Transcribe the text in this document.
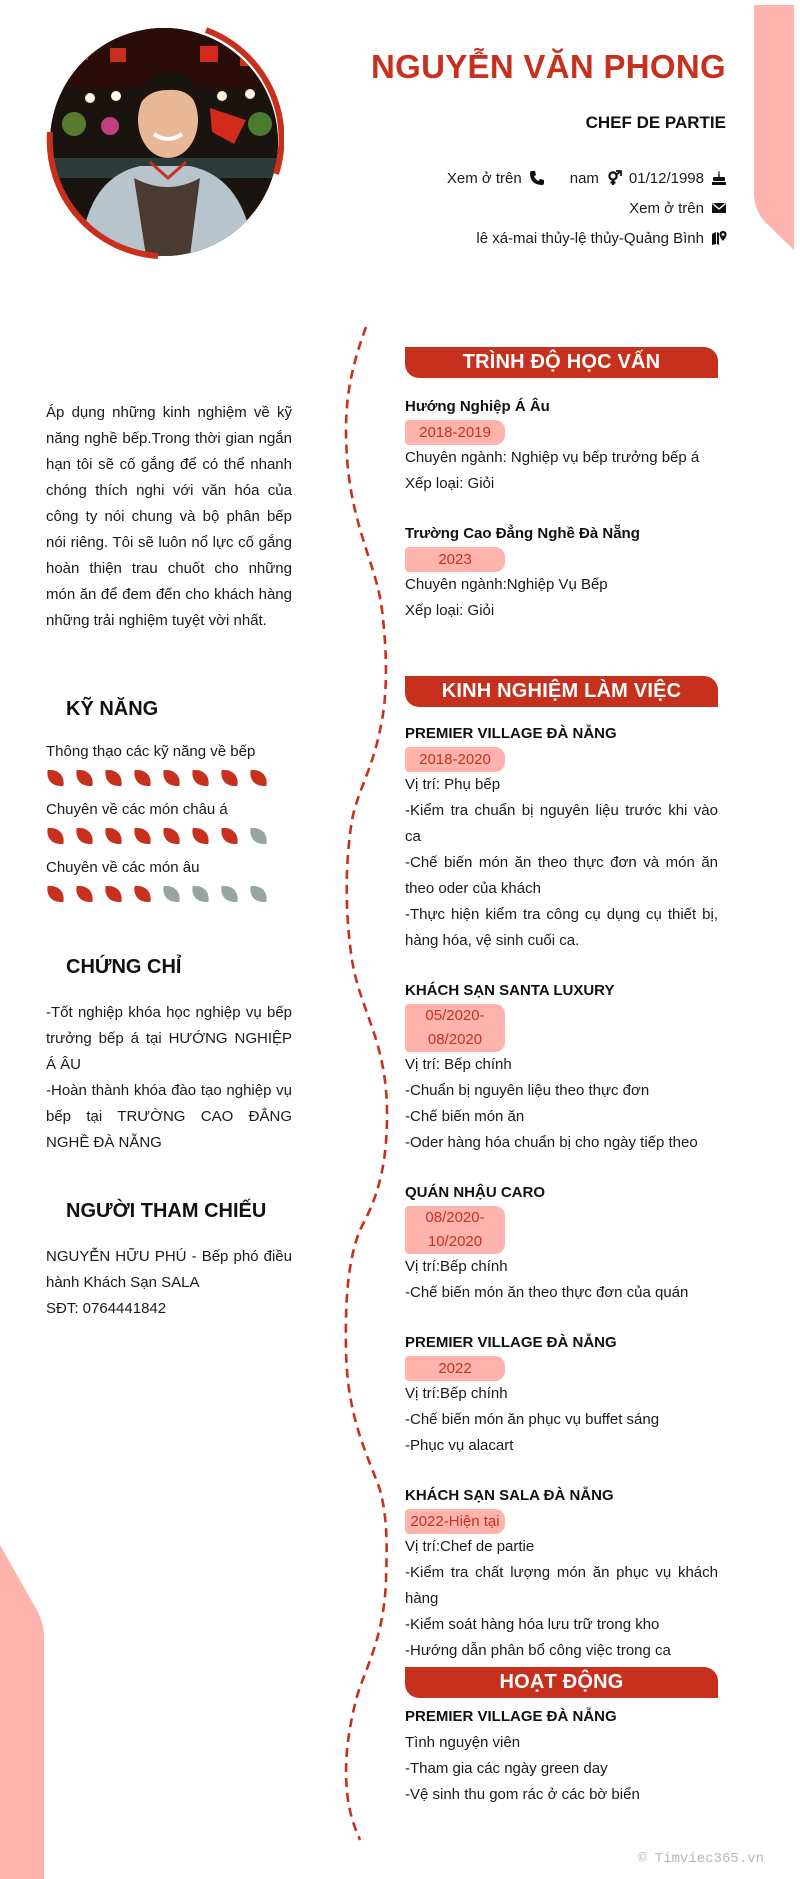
NGUYỄN VĂN PHONG
CHEF DE PARTIE
Xem ở trên	nam 01/12/1998
Xem ở trên
lê xá-mai thủy-lệ thủy-Quảng Bình
Áp dụng những kinh nghiệm về kỹ năng nghề bếp.Trong thời gian ngắn hạn tôi sẽ cố gắng để có thể nhanh chóng thích nghi với văn hóa của công ty nói chung và bộ phân bếp nói riêng. Tôi sẽ luôn nổ lực cố gắng hoàn thiện trau chuốt cho những món ăn để đem đến cho khách hàng những trải nghiệm tuyệt vời nhất.
KỸ NĂNG
Thông thạo các kỹ năng về bếp
Chuyên về các món châu á
Chuyên về các món âu
CHỨNG CHỈ
-Tốt nghiệp khóa học nghiệp vụ bếp trưởng bếp á tại HƯỚNG NGHIỆP Á ÂU
-Hoàn thành khóa đào tạo nghiệp vụ bếp tại TRƯỜNG CAO ĐẲNG NGHỀ ĐÀ NẴNG
NGƯỜI THAM CHIẾU
NGUYỄN HỮU PHÚ - Bếp phó điều hành Khách Sạn SALA
SĐT: 0764441842
TRÌNH ĐỘ HỌC VẤN
Hướng Nghiệp Á Âu
2018-2019
Chuyên ngành: Nghiệp vụ bếp trưởng bếp á
Xếp loại: Giỏi
Trường Cao Đẳng Nghề Đà Nẵng
2023
Chuyên ngành:Nghiệp Vụ Bếp
Xếp loại: Giỏi
KINH NGHIỆM LÀM VIỆC
PREMIER VILLAGE ĐÀ NẴNG
2018-2020
Vị trí: Phụ bếp
-Kiểm tra chuẩn bị nguyên liệu trước khi vào ca
-Chế biến món ăn theo thực đơn và món ăn theo oder của khách
-Thực hiện kiểm tra công cụ dụng cụ thiết bị, hàng hóa, vệ sinh cuối ca.
KHÁCH SẠN SANTA LUXURY
05/2020-08/2020
Vị trí: Bếp chính
-Chuẩn bị nguyên liệu theo thực đơn
-Chế biến món ăn
-Oder hàng hóa chuẩn bị cho ngày tiếp theo
QUÁN NHẬU CARO
08/2020-10/2020
Vị trí:Bếp chính
-Chế biến món ăn theo thực đơn của quán
PREMIER VILLAGE ĐÀ NẴNG
2022
Vị trí:Bếp chính
-Chế biến món ăn phục vụ buffet sáng
-Phục vụ alacart
KHÁCH SẠN SALA ĐÀ NẴNG
2022-Hiện tại
Vị trí:Chef de partie
-Kiểm tra chất lượng món ăn phục vụ khách hàng
-Kiểm soát hàng hóa lưu trữ trong kho
-Hướng dẫn phân bổ công việc trong ca
HOẠT ĐỘNG
PREMIER VILLAGE ĐÀ NẴNG
Tình nguyện viên
-Tham gia các ngày green day
-Vệ sinh thu gom rác ở các bờ biển
© Timviec365.vn
